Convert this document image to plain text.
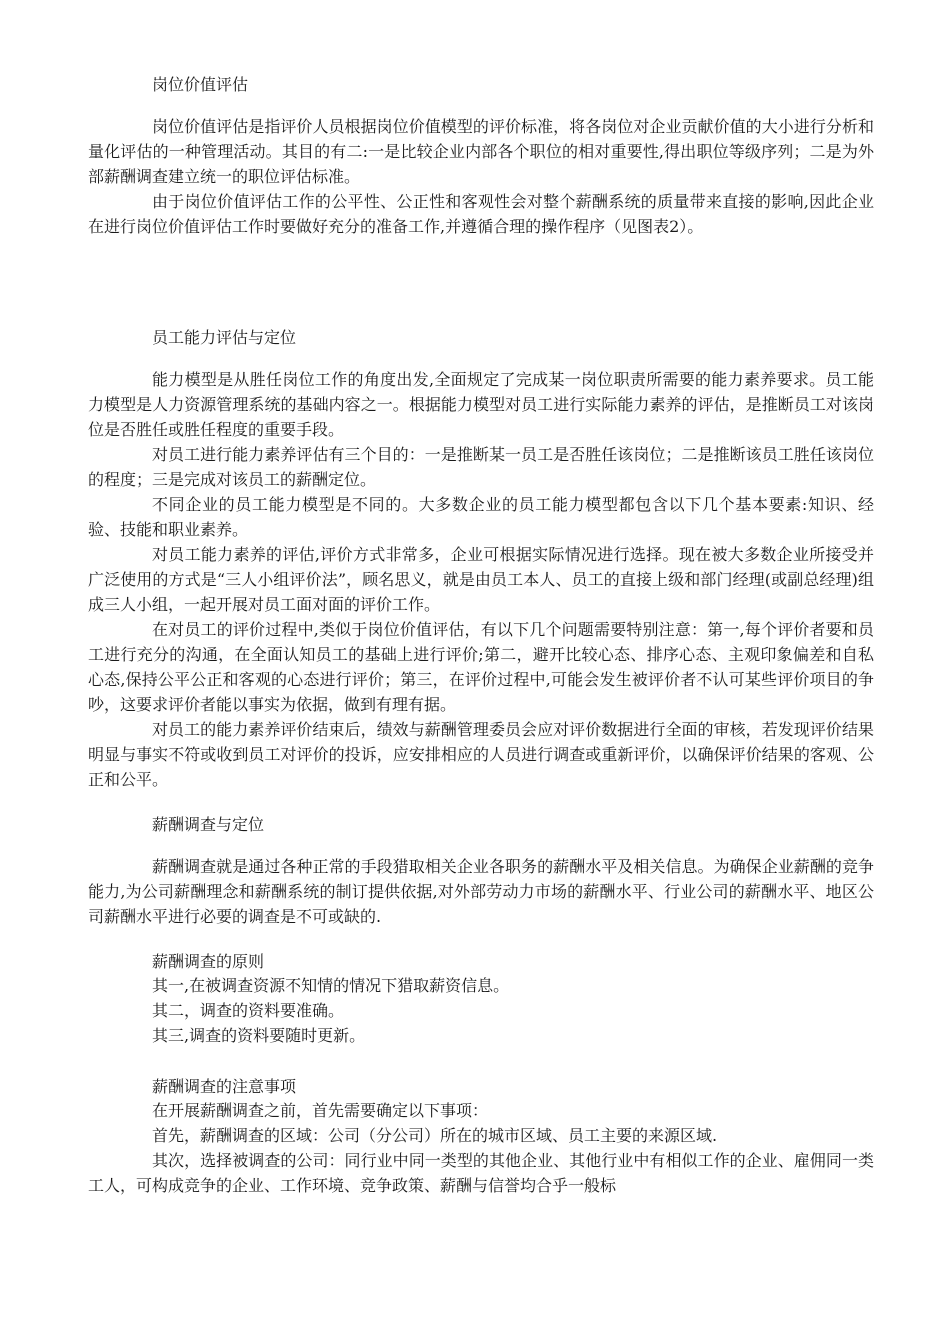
岗位价值评估

岗位价值评估是指评价人员根据岗位价值模型的评价标准，将各岗位对企业贡献价值的大小进行分析和量化评估的一种管理活动。其目的有二:一是比较企业内部各个职位的相对重要性,得出职位等级序列；二是为外部薪酬调查建立统一的职位评估标准。

由于岗位价值评估工作的公平性、公正性和客观性会对整个薪酬系统的质量带来直接的影响,因此企业在进行岗位价值评估工作时要做好充分的准备工作,并遵循合理的操作程序（见图表2）。

员工能力评估与定位

能力模型是从胜任岗位工作的角度出发,全面规定了完成某一岗位职责所需要的能力素养要求。员工能力模型是人力资源管理系统的基础内容之一。根据能力模型对员工进行实际能力素养的评估，是推断员工对该岗位是否胜任或胜任程度的重要手段。

对员工进行能力素养评估有三个目的：一是推断某一员工是否胜任该岗位；二是推断该员工胜任该岗位的程度；三是完成对该员工的薪酬定位。

不同企业的员工能力模型是不同的。大多数企业的员工能力模型都包含以下几个基本要素:知识、经验、技能和职业素养。

对员工能力素养的评估,评价方式非常多，企业可根据实际情况进行选择。现在被大多数企业所接受并广泛使用的方式是“三人小组评价法”，顾名思义，就是由员工本人、员工的直接上级和部门经理(或副总经理)组成三人小组，一起开展对员工面对面的评价工作。

在对员工的评价过程中,类似于岗位价值评估，有以下几个问题需要特别注意：第一,每个评价者要和员工进行充分的沟通，在全面认知员工的基础上进行评价;第二，避开比较心态、排序心态、主观印象偏差和自私心态,保持公平公正和客观的心态进行评价；第三，在评价过程中,可能会发生被评价者不认可某些评价项目的争吵，这要求评价者能以事实为依据，做到有理有据。

对员工的能力素养评价结束后，绩效与薪酬管理委员会应对评价数据进行全面的审核，若发现评价结果明显与事实不符或收到员工对评价的投诉，应安排相应的人员进行调查或重新评价，以确保评价结果的客观、公正和公平。

薪酬调查与定位

薪酬调查就是通过各种正常的手段猎取相关企业各职务的薪酬水平及相关信息。为确保企业薪酬的竞争能力,为公司薪酬理念和薪酬系统的制订提供依据,对外部劳动力市场的薪酬水平、行业公司的薪酬水平、地区公司薪酬水平进行必要的调查是不可或缺的.

薪酬调查的原则

其一,在被调查资源不知情的情况下猎取薪资信息。

其二，调查的资料要准确。

其三,调查的资料要随时更新。

薪酬调查的注意事项

在开展薪酬调查之前，首先需要确定以下事项：

首先，薪酬调查的区域：公司（分公司）所在的城市区域、员工主要的来源区域.

其次，选择被调查的公司：同行业中同一类型的其他企业、其他行业中有相似工作的企业、雇佣同一类工人，可构成竞争的企业、工作环境、竞争政策、薪酬与信誉均合乎一般标
